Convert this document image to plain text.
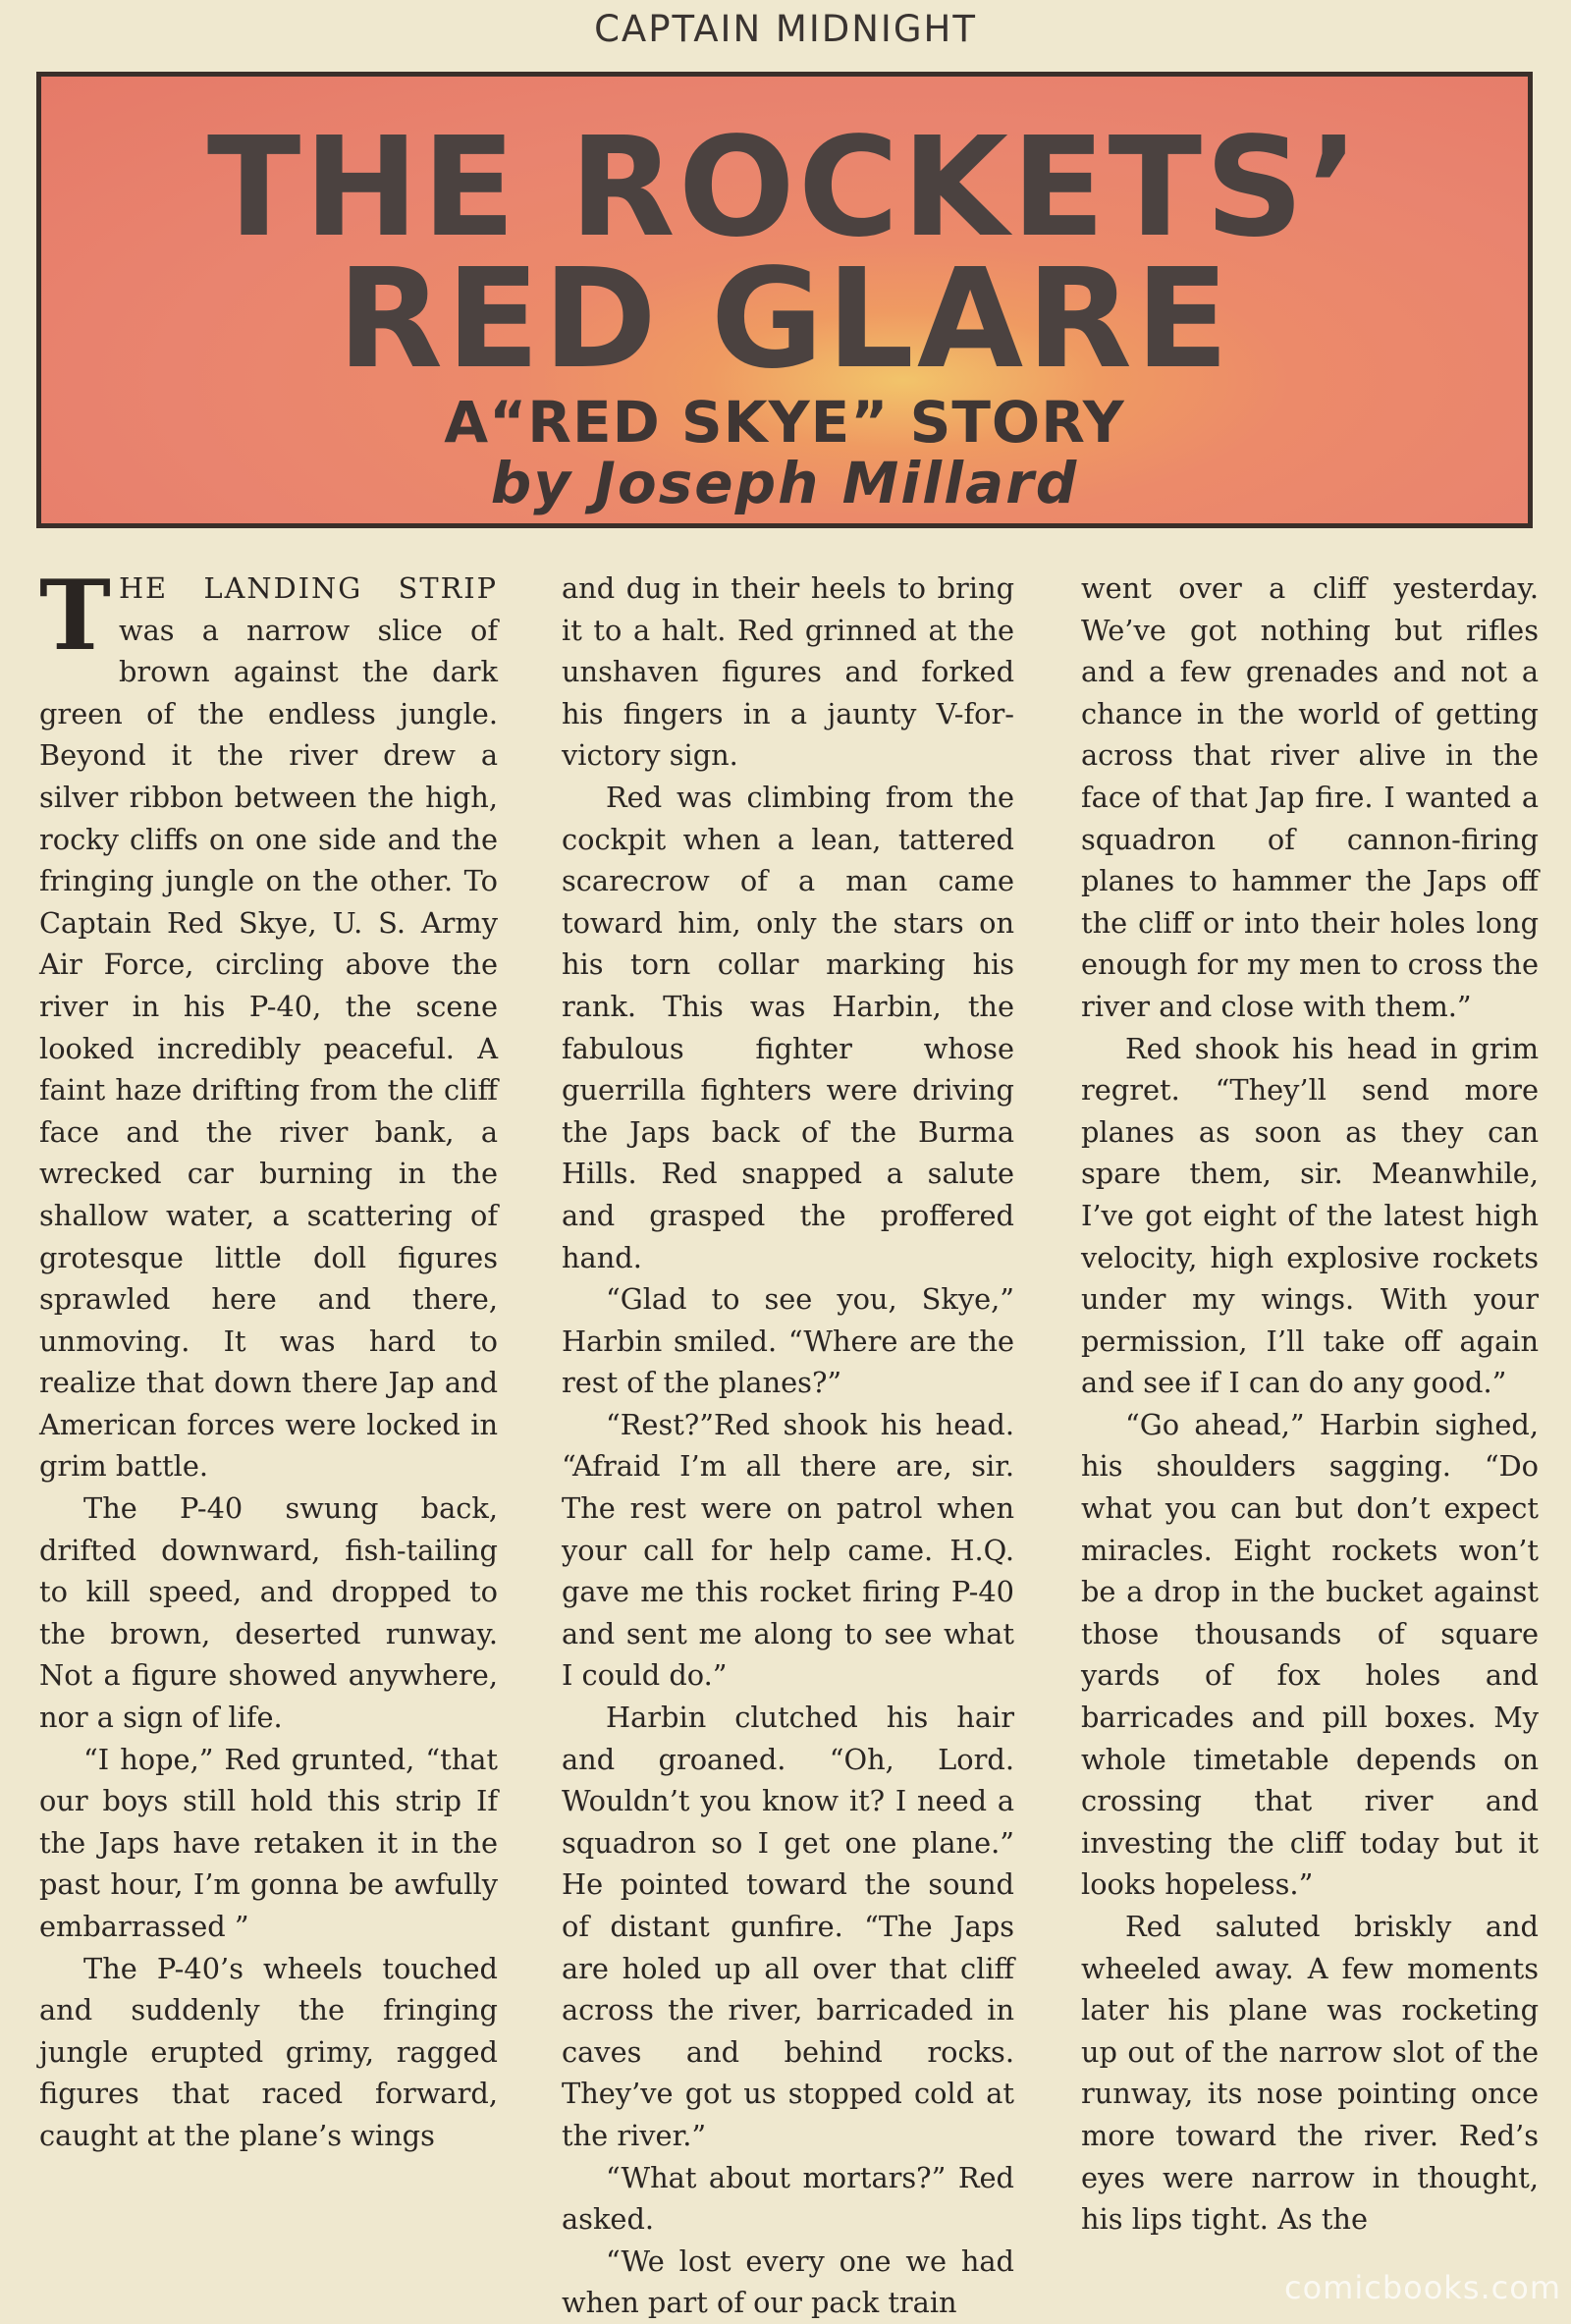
CAPTAIN MIDNIGHT
THE ROCKETS’
RED GLARE
A“RED SKYE” STORY
by Joseph Millard

THE LANDING STRIP was a narrow slice of brown against the dark green of the endless jungle. Beyond it the river drew a silver ribbon between the high, rocky cliffs on one side and the fringing jungle on the other. To Captain Red Skye, U. S. Army Air Force, circling above the river in his P-40, the scene looked incredibly peaceful. A faint haze drifting from the cliff face and the river bank, a wrecked car burning in the shallow water, a scattering of grotesque little doll figures sprawled here and there, unmoving. It was hard to realize that down there Jap and American forces were locked in grim battle.

The P-40 swung back, drifted downward, fish-tailing to kill speed, and dropped to the brown, deserted runway. Not a figure showed anywhere, nor a sign of life.

“I hope,” Red grunted, “that our boys still hold this strip If the Japs have retaken it in the past hour, I’m gonna be awfully embarrassed ”

The P-40’s wheels touched and suddenly the fringing jungle erupted grimy, ragged figures that raced forward, caught at the plane’s wings

and dug in their heels to bring it to a halt. Red grinned at the unshaven figures and forked his fingers in a jaunty V-for-victory sign.

Red was climbing from the cockpit when a lean, tattered scarecrow of a man came toward him, only the stars on his torn collar marking his rank. This was Harbin, the fabulous fighter whose guerrilla fighters were driving the Japs back of the Burma Hills. Red snapped a salute and grasped the proffered hand.

“Glad to see you, Skye,” Harbin smiled. “Where are the rest of the planes?”

“Rest?”Red shook his head. “Afraid I’m all there are, sir. The rest were on patrol when your call for help came. H.Q. gave me this rocket firing P-40 and sent me along to see what I could do.”

Harbin clutched his hair and groaned. “Oh, Lord. Wouldn’t you know it? I need a squadron so I get one plane.” He pointed toward the sound of distant gunfire. “The Japs are holed up all over that cliff across the river, barricaded in caves and behind rocks. They’ve got us stopped cold at the river.”

“What about mortars?” Red asked.

“We lost every one we had when part of our pack train

went over a cliff yesterday. We’ve got nothing but rifles and a few grenades and not a chance in the world of getting across that river alive in the face of that Jap fire. I wanted a squadron of cannon-firing planes to hammer the Japs off the cliff or into their holes long enough for my men to cross the river and close with them.”

Red shook his head in grim regret. “They’ll send more planes as soon as they can spare them, sir. Meanwhile, I’ve got eight of the latest high velocity, high explosive rockets under my wings. With your permission, I’ll take off again and see if I can do any good.”

“Go ahead,” Harbin sighed, his shoulders sagging. “Do what you can but don’t expect miracles. Eight rockets won’t be a drop in the bucket against those thousands of square yards of fox holes and barricades and pill boxes. My whole timetable depends on crossing that river and investing the cliff today but it looks hopeless.”

Red saluted briskly and wheeled away. A few moments later his plane was rocketing up out of the narrow slot of the runway, its nose pointing once more toward the river. Red’s eyes were narrow in thought, his lips tight. As the

comicbooks.com
